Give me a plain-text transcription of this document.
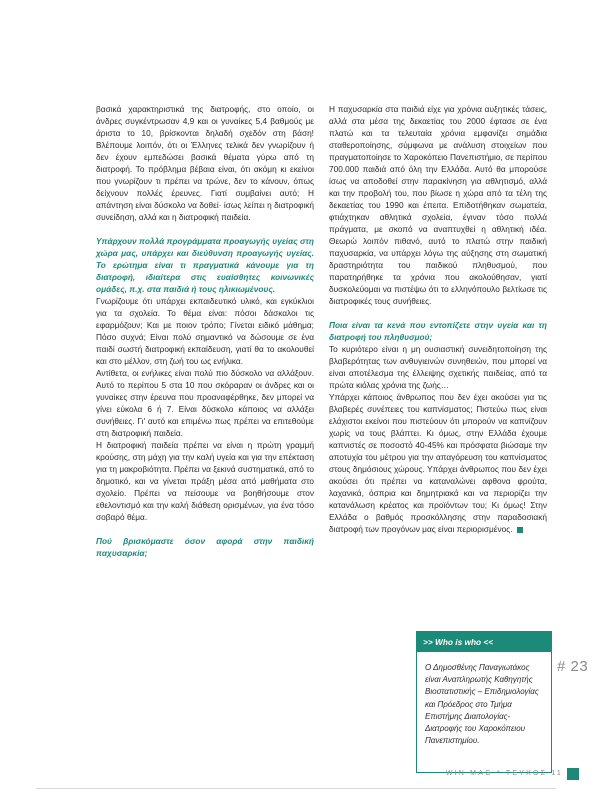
βασικά χαρακτηριστικά της διατροφής, στο οποίο, οι άνδρες συγκέντρωσαν 4,9 και οι γυναίκες 5,4 βαθμούς με άριστα το 10, βρίσκονται δηλαδή σχεδόν στη βάση! Βλέπουμε λοιπόν, ότι οι Έλληνες τελικά δεν γνωρίζουν ή δεν έχουν εμπεδώσει βασικά θέματα γύρω από τη διατροφή. Το πρόβλημα βέβαια είναι, ότι ακόμη κι εκείνοι που γνωρίζουν τι πρέπει να τρώνε, δεν το κάνουν, όπως δείχνουν πολλές έρευνες. Γιατί συμβαίνει αυτό; Η απάντηση είναι δύσκολο να δοθεί· ίσως λείπει η διατροφική συνείδηση, αλλά και η διατροφική παιδεία.

Υπάρχουν πολλά προγράμματα προαγωγής υγείας στη χώρα μας, υπάρχει και διεύθυνση προαγωγής υγείας. Το ερώτημα είναι τι πραγματικά κάνουμε για τη διατροφή, ιδιαίτερα στις ευαίσθητες κοινωνικές ομάδες, π.χ. στα παιδιά ή τους ηλικιωμένους.

Γνωρίζουμε ότι υπάρχει εκπαιδευτικό υλικό, και εγκύκλιοι για τα σχολεία. Το θέμα είναι: πόσοι δάσκαλοι τις εφαρμόζουν; Και με ποιον τρόπο; Γίνεται ειδικό μάθημα; Πόσο συχνά; Είναι πολύ σημαντικό να δώσουμε σε ένα παιδί σωστή διατροφική εκπαίδευση, γιατί θα το ακολουθεί και στο μέλλον, στη ζωή του ως ενήλικα.

Αντίθετα, οι ενήλικες είναι πολύ πιο δύσκολο να αλλάξουν. Αυτό το περίπου 5 στα 10 που σκόραραν οι άνδρες και οι γυναίκες στην έρευνα που προαναφέρθηκε, δεν μπορεί να γίνει εύκολα 6 ή 7. Είναι δύσκολο κάποιος να αλλάξει συνήθειες. Γι' αυτό και επιμένω πως πρέπει να επιτεθούμε στη διατροφική παιδεία.

Η διατροφική παιδεία πρέπει να είναι η πρώτη γραμμή κρούσης, στη μάχη για την καλή υγεία και για την επέκταση για τη μακροβιότητα. Πρέπει να ξεκινά συστηματικά, από το δημοτικό, και να γίνεται πράξη μέσα από μαθήματα στο σχολείο. Πρέπει να πείσουμε να βοηθήσουμε στον εθελοντισμό και την καλή διάθεση ορισμένων, για ένα τόσο σοβαρό θέμα.

Πού βρισκόμαστε όσον αφορά στην παιδική παχυσαρκία;

Η παχυσαρκία στα παιδιά είχε για χρόνια αυξητικές τάσεις, αλλά στα μέσα της δεκαετίας του 2000 έφτασε σε ένα πλατώ και τα τελευταία χρόνια εμφανίζει σημάδια σταθεροποίησης, σύμφωνα με ανάλυση στοιχείων που πραγματοποίησε το Χαροκόπειο Πανεπιστήμιο, σε περίπου 700.000 παιδιά από όλη την Ελλάδα. Αυτό θα μπορούσε ίσως να αποδοθεί στην παρακίνηση για αθλητισμό, αλλά και την προβολή του, που βίωσε η χώρα από τα τέλη της δεκαετίας του 1990 και έπειτα. Επιδοτήθηκαν σωματεία, φτιάχτηκαν αθλητικά σχολεία, έγιναν τόσο πολλά πράγματα, με σκοπό να αναπτυχθεί η αθλητική ιδέα. Θεωρώ λοιπόν πιθανό, αυτό το πλατώ στην παιδική παχυσαρκία, να υπάρχει λόγω της αύξησης στη σωματική δραστηριότητα του παιδικού πληθυσμού, που παρατηρήθηκε τα χρόνια που ακολούθησαν, γιατί δυσκολεύομαι να πιστέψω ότι το ελληνόπουλο βελτίωσε τις διατροφικές τους συνήθειες.

Ποια είναι τα κενά που εντοπίζετε στην υγεία και τη διατροφή του πληθυσμού;

Το κυριότερο είναι η μη ουσιαστική συνειδητοποίηση της βλαβερότητας των ανθυγιεινών συνηθειών, που μπορεί να είναι αποτέλεσμα της έλλειψης σχετικής παιδείας, από τα πρώτα κιόλας χρόνια της ζωής…

Υπάρχει κάποιος άνθρωπος που δεν έχει ακούσει για τις βλαβερές συνέπειες του καπνίσματος; Πιστεύω πως είναι ελάχιστοι εκείνοι που πιστεύουν ότι μπορούν να καπνίζουν χωρίς να τους βλάπτει. Κι όμως, στην Ελλάδα έχουμε καπνιστές σε ποσοστό 40-45% και πρόσφατα βιώσαμε την αποτυχία του μέτρου για την απαγόρευση του καπνίσματος στους δημόσιους χώρους. Υπάρχει άνθρωπος που δεν έχει ακούσει ότι πρέπει να καταναλώνει αφθονα φρούτα, λαχανικά, όσπρια και δημητριακά και να περιορίζει την κατανάλωση κρέατος και προϊόντων του; Κι όμως! Στην Ελλάδα ο βαθμός προσκόλλησης στην παραδοσιακή διατροφή των προγόνων μας είναι περιορισμένος.

>> Who is who <<
Ο Δημοσθένης Παναγιωτάκος είναι Αναπληρωτής Καθηγητής Βιοστατιστικής – Επιδημιολογίας και Πρόεδρος στο Τμήμα Επιστήμης Διαιτολογίας-Διατροφής του Χαροκόπειου Πανεπιστημίου.
# 23
WIN MAG * ΤΕΥΧΟΣ 11
